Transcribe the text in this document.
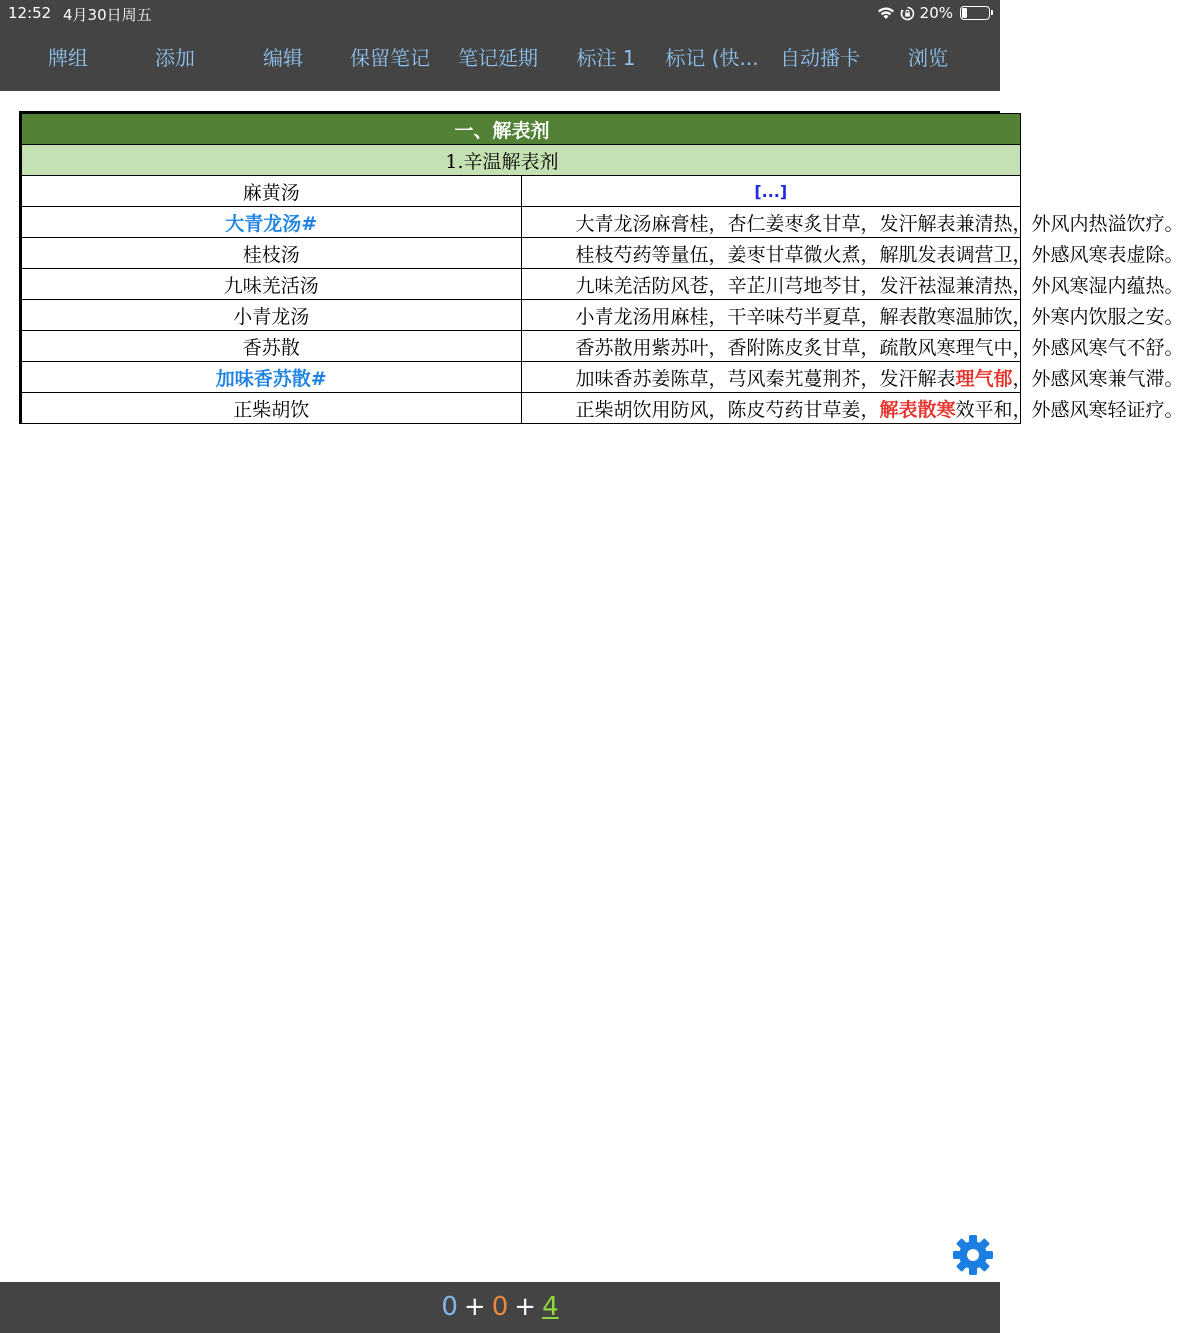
12:52 4月30日周五	20%
牌组	添加	编辑 保留笔记 笔记延期 标注 1 标记 (快... 自动播卡 浏览
一、解表剂	
1.辛温解表剂	
麻黄汤	[...]
大青龙汤#	大青龙汤麻膏桂，杏仁姜枣炙甘草，发汗解表兼清热，外风内热溢饮疗。
桂枝汤	桂枝芍药等量伍，姜枣甘草微火煮，解肌发表调营卫，外感风寒表虚除。
九味羌活汤	九味羌活防风苍，辛芷川芎地芩甘，发汗祛湿兼清热，外风寒湿内蕴热。
小青龙汤	小青龙汤用麻桂，干辛味芍半夏草，解表散寒温肺饮，外寒内饮服之安。
香苏散	香苏散用紫苏叶，香附陈皮炙甘草，疏散风寒理气中，外感风寒气不舒。
加味香苏散#	加味香苏姜陈草，芎风秦艽蔓荆芥，发汗解表理气郁，外感风寒兼气滞。
正柴胡饮	正柴胡饮用防风，陈皮芍药甘草姜，解表散寒效平和，外感风寒轻证疗。
0 + 0 + 4
